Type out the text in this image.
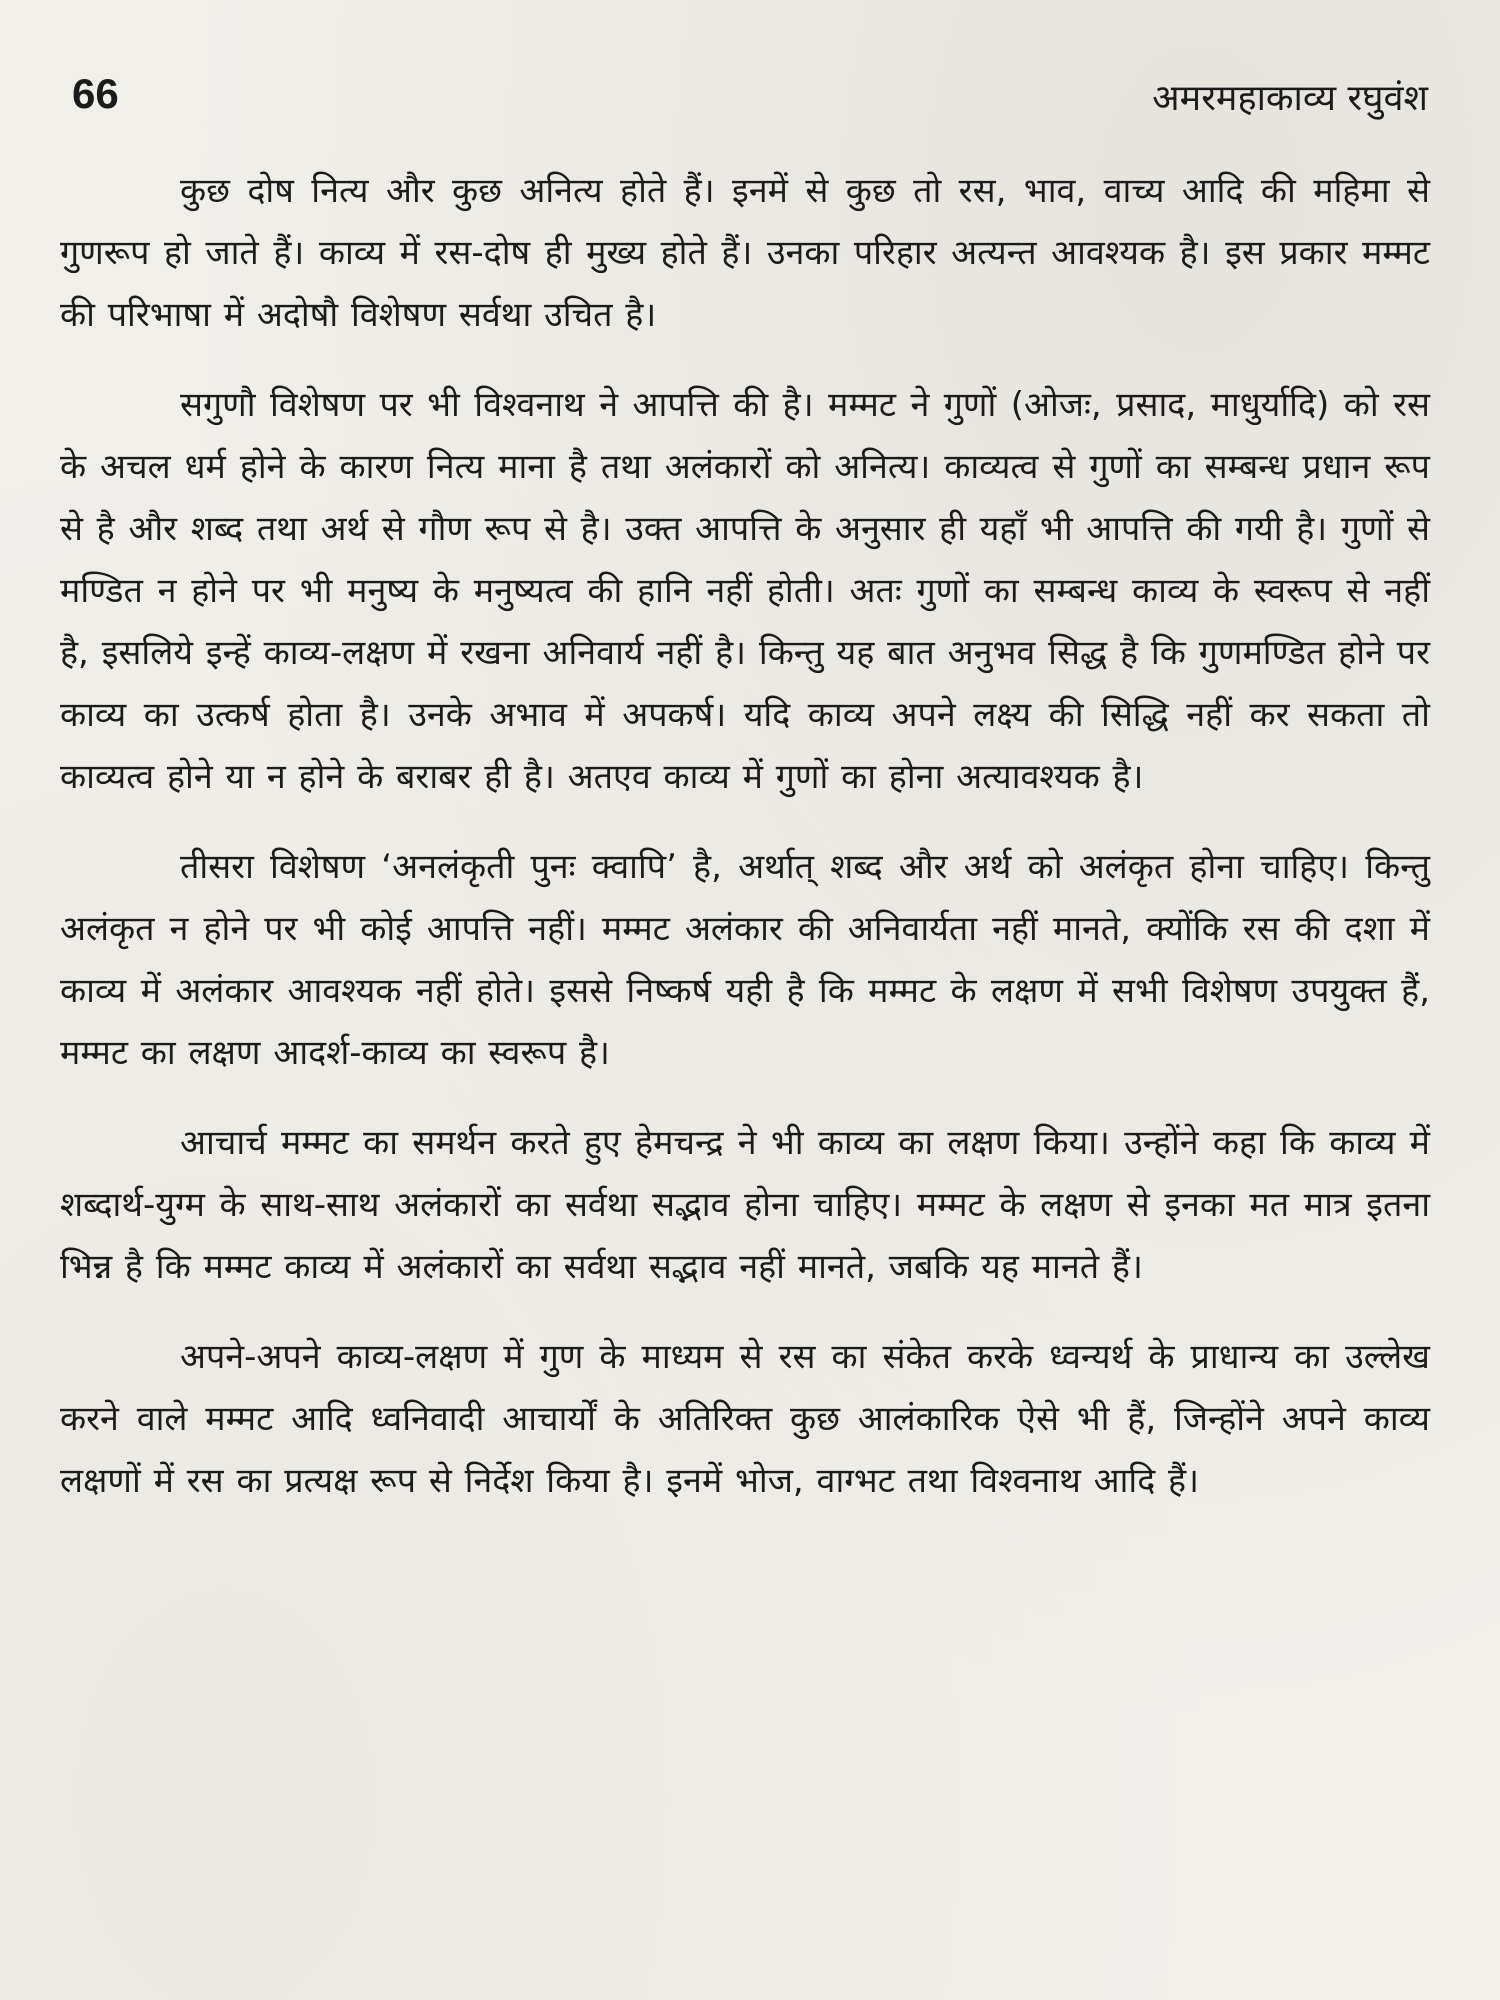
66	अमरमहाकाव्य रघुवंश

कुछ दोष नित्य और कुछ अनित्य होते हैं। इनमें से कुछ तो रस, भाव, वाच्य आदि की महिमा से गुणरूप हो जाते हैं। काव्य में रस-दोष ही मुख्य होते हैं। उनका परिहार अत्यन्त आवश्यक है। इस प्रकार मम्मट की परिभाषा में अदोषौ विशेषण सर्वथा उचित है।

सगुणौ विशेषण पर भी विश्वनाथ ने आपत्ति की है। मम्मट ने गुणों (ओजः, प्रसाद, माधुर्यादि) को रस के अचल धर्म होने के कारण नित्य माना है तथा अलंकारों को अनित्य। काव्यत्व से गुणों का सम्बन्ध प्रधान रूप से है और शब्द तथा अर्थ से गौण रूप से है। उक्त आपत्ति के अनुसार ही यहाँ भी आपत्ति की गयी है। गुणों से मण्डित न होने पर भी मनुष्य के मनुष्यत्व की हानि नहीं होती। अतः गुणों का सम्बन्ध काव्य के स्वरूप से नहीं है, इसलिये इन्हें काव्य-लक्षण में रखना अनिवार्य नहीं है। किन्तु यह बात अनुभव सिद्ध है कि गुणमण्डित होने पर काव्य का उत्कर्ष होता है। उनके अभाव में अपकर्ष। यदि काव्य अपने लक्ष्य की सिद्धि नहीं कर सकता तो काव्यत्व होने या न होने के बराबर ही है। अतएव काव्य में गुणों का होना अत्यावश्यक है।

तीसरा विशेषण ‘अनलंकृती पुनः क्वापि’ है, अर्थात् शब्द और अर्थ को अलंकृत होना चाहिए। किन्तु अलंकृत न होने पर भी कोई आपत्ति नहीं। मम्मट अलंकार की अनिवार्यता नहीं मानते, क्योंकि रस की दशा में काव्य में अलंकार आवश्यक नहीं होते। इससे निष्कर्ष यही है कि मम्मट के लक्षण में सभी विशेषण उपयुक्त हैं, मम्मट का लक्षण आदर्श-काव्य का स्वरूप है।

आचार्च मम्मट का समर्थन करते हुए हेमचन्द्र ने भी काव्य का लक्षण किया। उन्होंने कहा कि काव्य में शब्दार्थ-युग्म के साथ-साथ अलंकारों का सर्वथा सद्भाव होना चाहिए। मम्मट के लक्षण से इनका मत मात्र इतना भिन्न है कि मम्मट काव्य में अलंकारों का सर्वथा सद्भाव नहीं मानते, जबकि यह मानते हैं।

अपने-अपने काव्य-लक्षण में गुण के माध्यम से रस का संकेत करके ध्वन्यर्थ के प्राधान्य का उल्लेख करने वाले मम्मट आदि ध्वनिवादी आचार्यों के अतिरिक्त कुछ आलंकारिक ऐसे भी हैं, जिन्होंने अपने काव्य लक्षणों में रस का प्रत्यक्ष रूप से निर्देश किया है। इनमें भोज, वाग्भट तथा विश्वनाथ आदि हैं।
